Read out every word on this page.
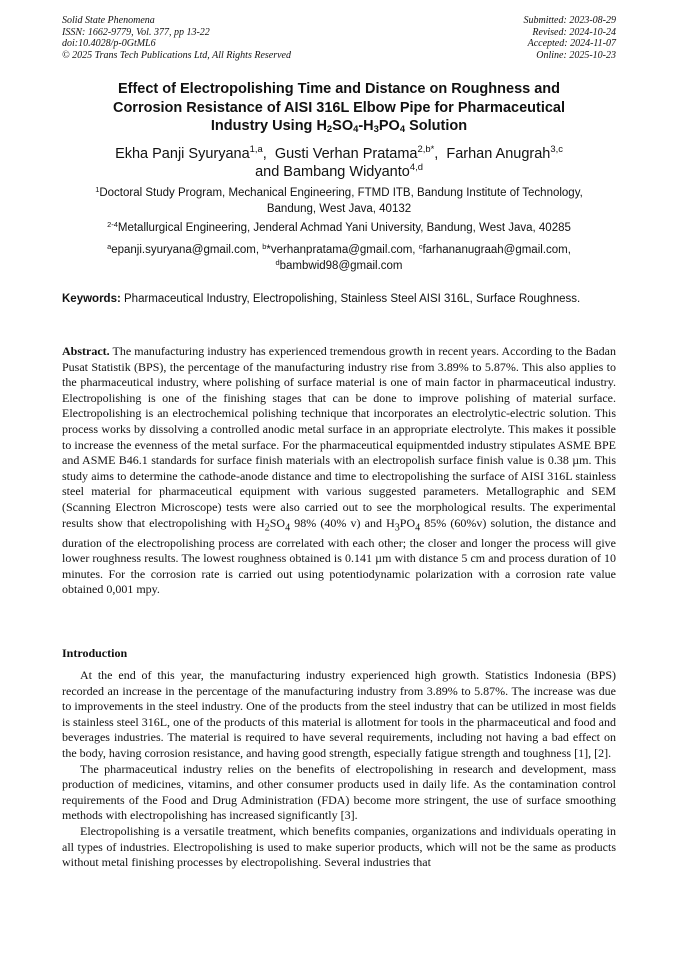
Solid State Phenomena
ISSN: 1662-9779, Vol. 377, pp 13-22
doi:10.4028/p-0GtML6
© 2025 Trans Tech Publications Ltd, All Rights Reserved
Submitted: 2023-08-29
Revised: 2024-10-24
Accepted: 2024-11-07
Online: 2025-10-23
Effect of Electropolishing Time and Distance on Roughness and
Corrosion Resistance of AISI 316L Elbow Pipe for Pharmaceutical
Industry Using $H_2SO_4-H_3PO_4$ Solution
Ekha Panji Syuryana$^{1,a}$,  Gusti Verhan Pratama$^{2,b*}$,  Farhan Anugrah$^{3,c}$
and Bambang Widyanto$^{4,d}$
$^1$Doctoral Study Program, Mechanical Engineering, FTMD ITB, Bandung Institute of Technology,
Bandung, West Java, 40132
$^{2-4}$Metallurgical Engineering, Jenderal Achmad Yani University, Bandung, West Java, 40285
$^a$epanji.syuryana@gmail.com, $^b$*verhanpratama@gmail.com, $^c$farhananugraah@gmail.com,
$^d$bambwid98@gmail.com
Keywords: Pharmaceutical Industry, Electropolishing, Stainless Steel AISI 316L, Surface Roughness.
Abstract. The manufacturing industry has experienced tremendous growth in recent years. According to the Badan Pusat Statistik (BPS), the percentage of the manufacturing industry rise from 3.89% to 5.87%. This also applies to the pharmaceutical industry, where polishing of surface material is one of main factor in pharmaceutical industry. Electropolishing is one of the finishing stages that can be done to improve polishing of material surface. Electropolishing is an electrochemical polishing technique that incorporates an electrolytic-electric solution. This process works by dissolving a controlled anodic metal surface in an appropriate electrolyte. This makes it possible to increase the evenness of the metal surface. For the pharmaceutical equipmentded industry stipulates ASME BPE and ASME B46.1 standards for surface finish materials with an electropolish surface finish value is 0.38 µm. This study aims to determine the cathode-anode distance and time to electropolishing the surface of AISI 316L stainless steel material for pharmaceutical equipment with various suggested parameters. Metallographic and SEM (Scanning Electron Microscope) tests were also carried out to see the morphological results. The experimental results show that electropolishing with $H_2SO_4$ 98% (40% v) and $H_3PO_4$ 85% (60%v) solution, the distance and duration of the electropolishing process are correlated with each other; the closer and longer the process will give lower roughness results. The lowest roughness obtained is 0.141 µm with distance 5 cm and process duration of 10 minutes. For the corrosion rate is carried out using potentiodynamic polarization with a corrosion rate value obtained 0,001 mpy.
Introduction

At the end of this year, the manufacturing industry experienced high growth. Statistics Indonesia (BPS) recorded an increase in the percentage of the manufacturing industry from 3.89% to 5.87%. The increase was due to improvements in the steel industry. One of the products from the steel industry that can be utilized in most fields is stainless steel 316L, one of the products of this material is allotment for tools in the pharmaceutical and food and beverages industries. The material is required to have several requirements, including not having a bad effect on the body, having corrosion resistance, and having good strength, especially fatigue strength and toughness [1], [2].

The pharmaceutical industry relies on the benefits of electropolishing in research and development, mass production of medicines, vitamins, and other consumer products used in daily life. As the contamination control requirements of the Food and Drug Administration (FDA) become more stringent, the use of surface smoothing methods with electropolishing has increased significantly [3].

Electropolishing is a versatile treatment, which benefits companies, organizations and individuals operating in all types of industries. Electropolishing is used to make superior products, which will not be the same as products without metal finishing processes by electropolishing. Several industries that
